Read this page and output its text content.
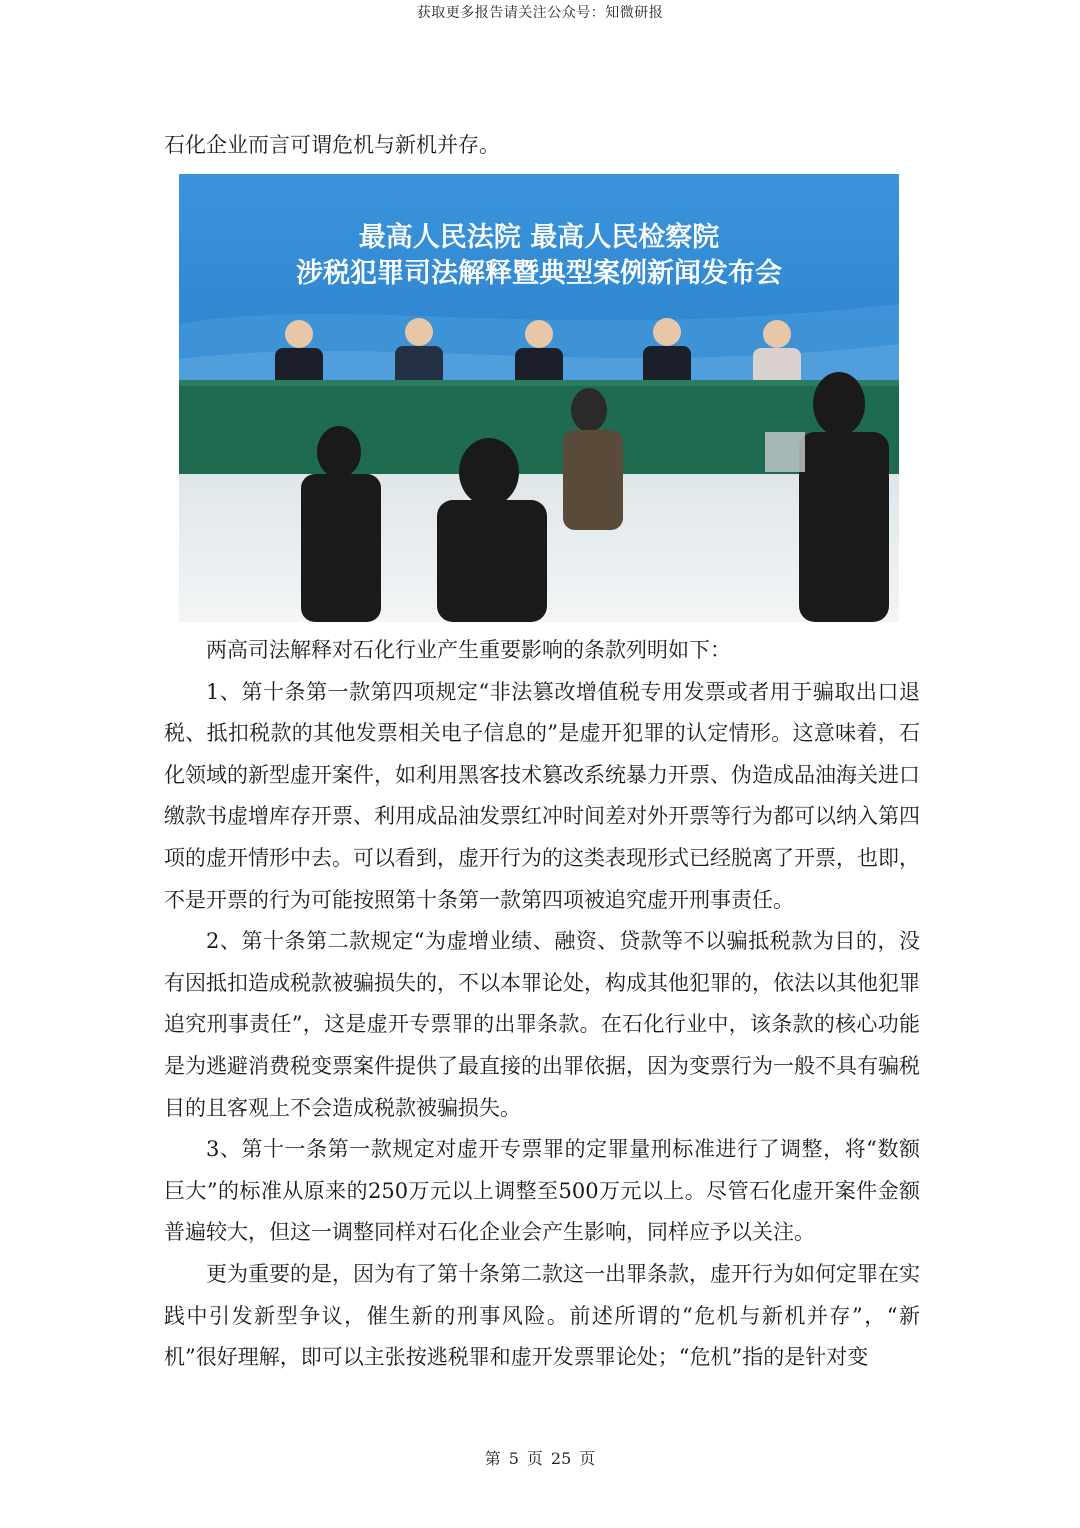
获取更多报告请关注公众号：知微研报

石化企业而言可谓危机与新机并存。

最高人民法院 最高人民检察院
涉税犯罪司法解释暨典型案例新闻发布会

两高司法解释对石化行业产生重要影响的条款列明如下：

1、第十条第一款第四项规定“非法篡改增值税专用发票或者用于骗取出口退税、抵扣税款的其他发票相关电子信息的”是虚开犯罪的认定情形。这意味着，石化领域的新型虚开案件，如利用黑客技术篡改系统暴力开票、伪造成品油海关进口缴款书虚增库存开票、利用成品油发票红冲时间差对外开票等行为都可以纳入第四项的虚开情形中去。可以看到，虚开行为的这类表现形式已经脱离了开票，也即，不是开票的行为可能按照第十条第一款第四项被追究虚开刑事责任。

2、第十条第二款规定“为虚增业绩、融资、贷款等不以骗抵税款为目的，没有因抵扣造成税款被骗损失的，不以本罪论处，构成其他犯罪的，依法以其他犯罪追究刑事责任”，这是虚开专票罪的出罪条款。在石化行业中，该条款的核心功能是为逃避消费税变票案件提供了最直接的出罪依据，因为变票行为一般不具有骗税目的且客观上不会造成税款被骗损失。

3、第十一条第一款规定对虚开专票罪的定罪量刑标准进行了调整，将“数额巨大”的标准从原来的250万元以上调整至500万元以上。尽管石化虚开案件金额普遍较大，但这一调整同样对石化企业会产生影响，同样应予以关注。

更为重要的是，因为有了第十条第二款这一出罪条款，虚开行为如何定罪在实践中引发新型争议，催生新的刑事风险。前述所谓的“危机与新机并存”，“新机”很好理解，即可以主张按逃税罪和虚开发票罪论处；“危机”指的是针对变

第 5 页 25 页
